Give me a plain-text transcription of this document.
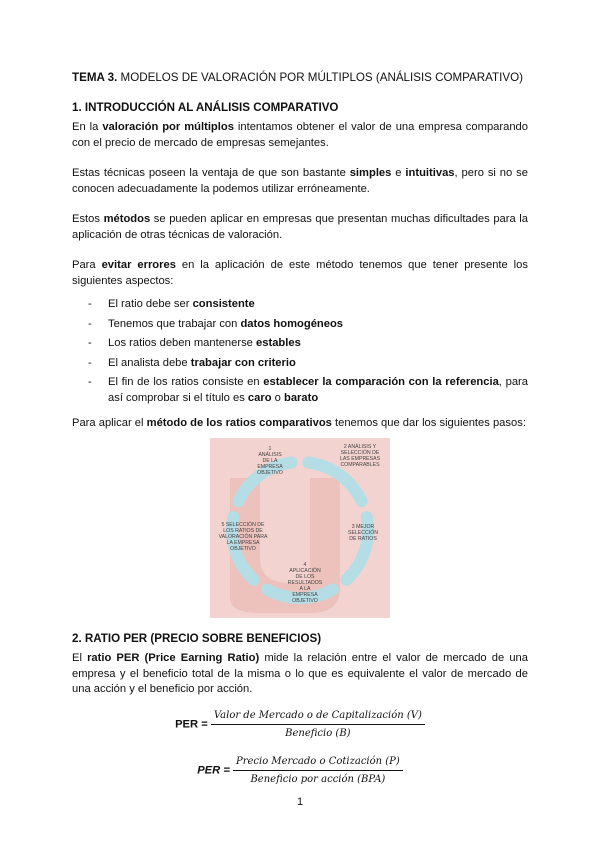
TEMA 3. MODELOS DE VALORACIÓN POR MÚLTIPLOS (ANÁLISIS COMPARATIVO)
1. INTRODUCCIÓN AL ANÁLISIS COMPARATIVO

En la valoración por múltiplos intentamos obtener el valor de una empresa comparando con el precio de mercado de empresas semejantes.

Estas técnicas poseen la ventaja de que son bastante simples e intuitivas, pero si no se conocen adecuadamente la podemos utilizar erróneamente.

Estos métodos se pueden aplicar en empresas que presentan muchas dificultades para la aplicación de otras técnicas de valoración.

Para evitar errores en la aplicación de este método tenemos que tener presente los siguientes aspectos:

- El ratio debe ser consistente
- Tenemos que trabajar con datos homogéneos
- Los ratios deben mantenerse estables
- El analista debe trabajar con criterio
- El fin de los ratios consiste en establecer la comparación con la referencia, para así comprobar si el título es caro o barato

Para aplicar el método de los ratios comparativos tenemos que dar los siguientes pasos:

1
ANÁLISIS
DE LA
EMPRESA
OBJETIVO
2 ANÁLISIS Y
SELECCIÓN DE
LAS EMPRESAS
COMPARABLES
3 MEJOR
SELECCIÓN
DE RATIOS
4
APLICACIÓN
DE LOS
RESULTADOS
A LA
EMPRESA
OBJETIVO
5 SELECCIÓN DE
LOS RATIOS DE
VALORACIÓN PARA
LA EMPRESA
OBJETIVO
2. RATIO PER (PRECIO SOBRE BENEFICIOS)

El ratio PER (Price Earning Ratio) mide la relación entre el valor de mercado de una empresa y el beneficio total de la misma o lo que es equivalente el valor de mercado de una acción y el beneficio por acción.

PER = $\frac{\text{Valor de Mercado o de Capitalización (V)}}{\text{Beneficio (B)}}$
PER = $\frac{\text{Precio Mercado o Cotización (P)}}{\text{Beneficio por acción (BPA)}}$
1
